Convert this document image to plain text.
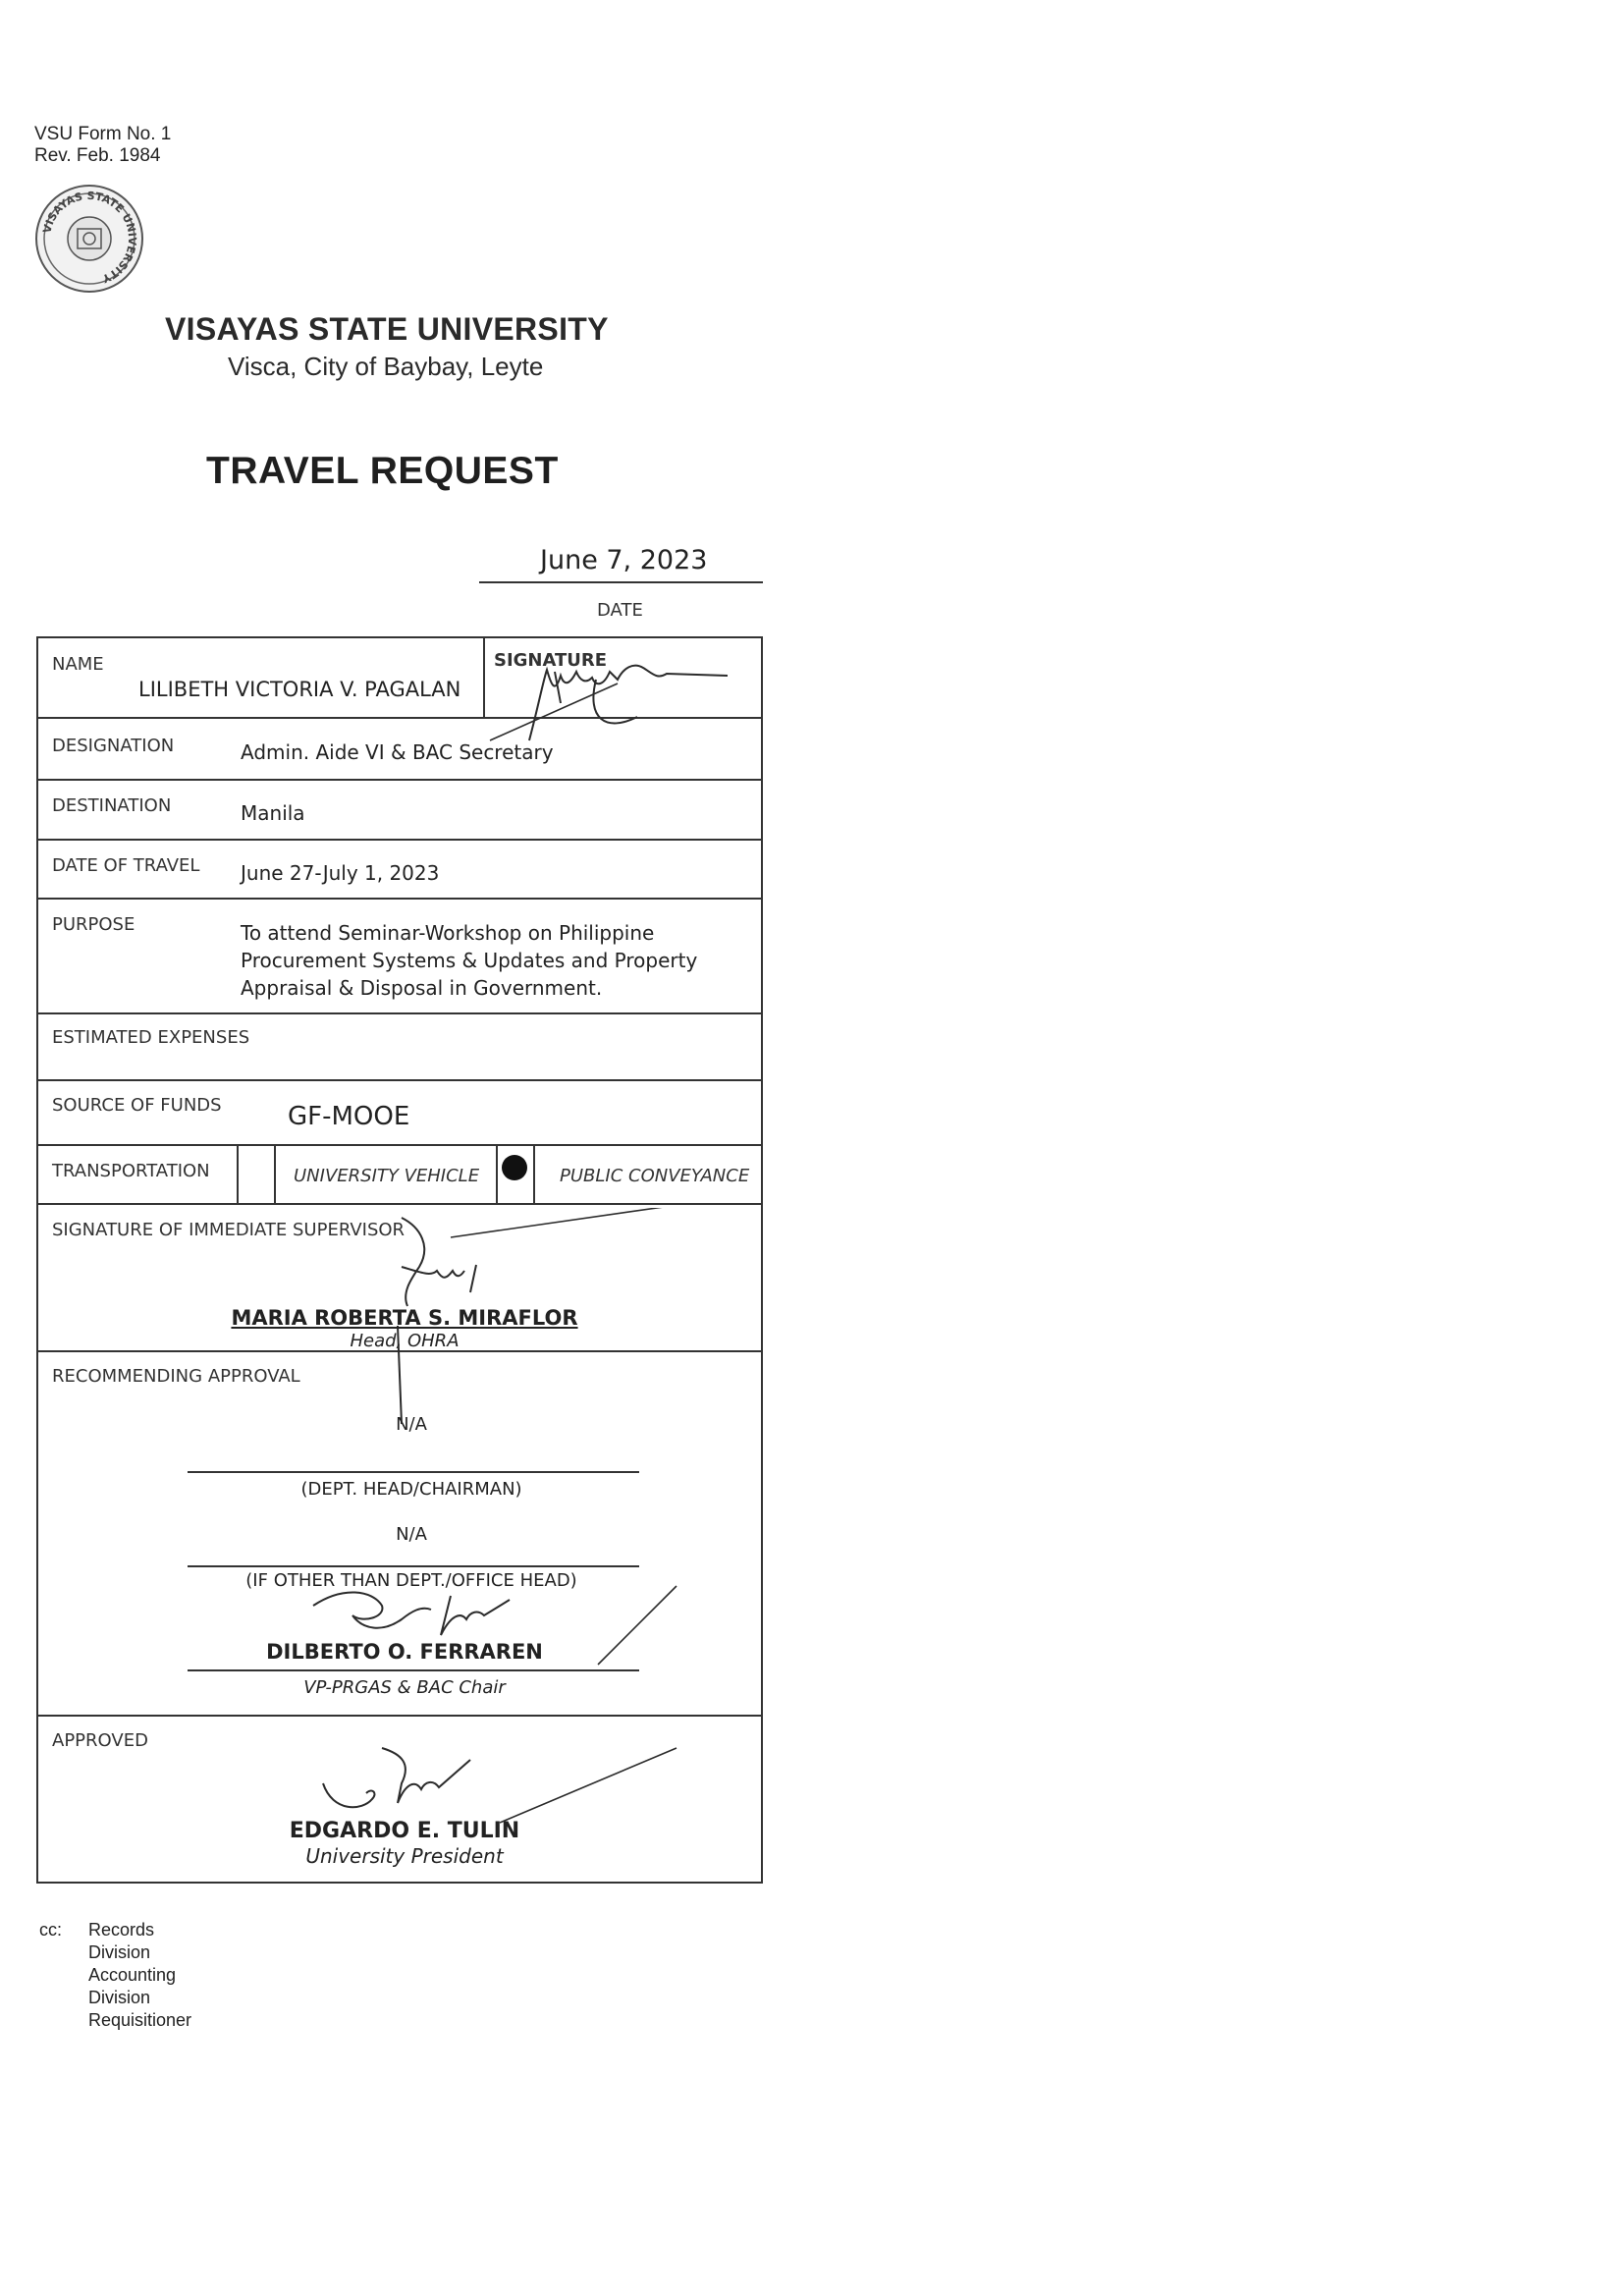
VSU Form No. 1
Rev. Feb. 1984
VISAYAS STATE UNIVERSITY
VISAYAS STATE UNIVERSITY
Visca, City of Baybay, Leyte
TRAVEL REQUEST
June 7, 2023
DATE
NAME
LILIBETH VICTORIA V. PAGALAN
SIGNATURE
DESIGNATION	Admin. Aide VI & BAC Secretary
DESTINATION	Manila
DATE OF TRAVEL June 27-July 1, 2023
PURPOSE	To attend Seminar-Workshop on Philippine Procurement Systems & Updates and Property Appraisal & Disposal in Government.
ESTIMATED EXPENSES
SOURCE OF FUNDS	GF-MOOE
TRANSPORTATION	UNIVERSITY VEHICLE	PUBLIC CONVEYANCE
SIGNATURE OF IMMEDIATE SUPERVISOR
MARIA ROBERTA S. MIRAFLOR
Head, OHRA
RECOMMENDING APPROVAL
N/A
(DEPT. HEAD/CHAIRMAN)
N/A
(IF OTHER THAN DEPT./OFFICE HEAD)
DILBERTO O. FERRAREN
VP-PRGAS & BAC Chair
APPROVED
EDGARDO E. TULIN
University President
cc: Records Division
Accounting Division
Requisitioner
